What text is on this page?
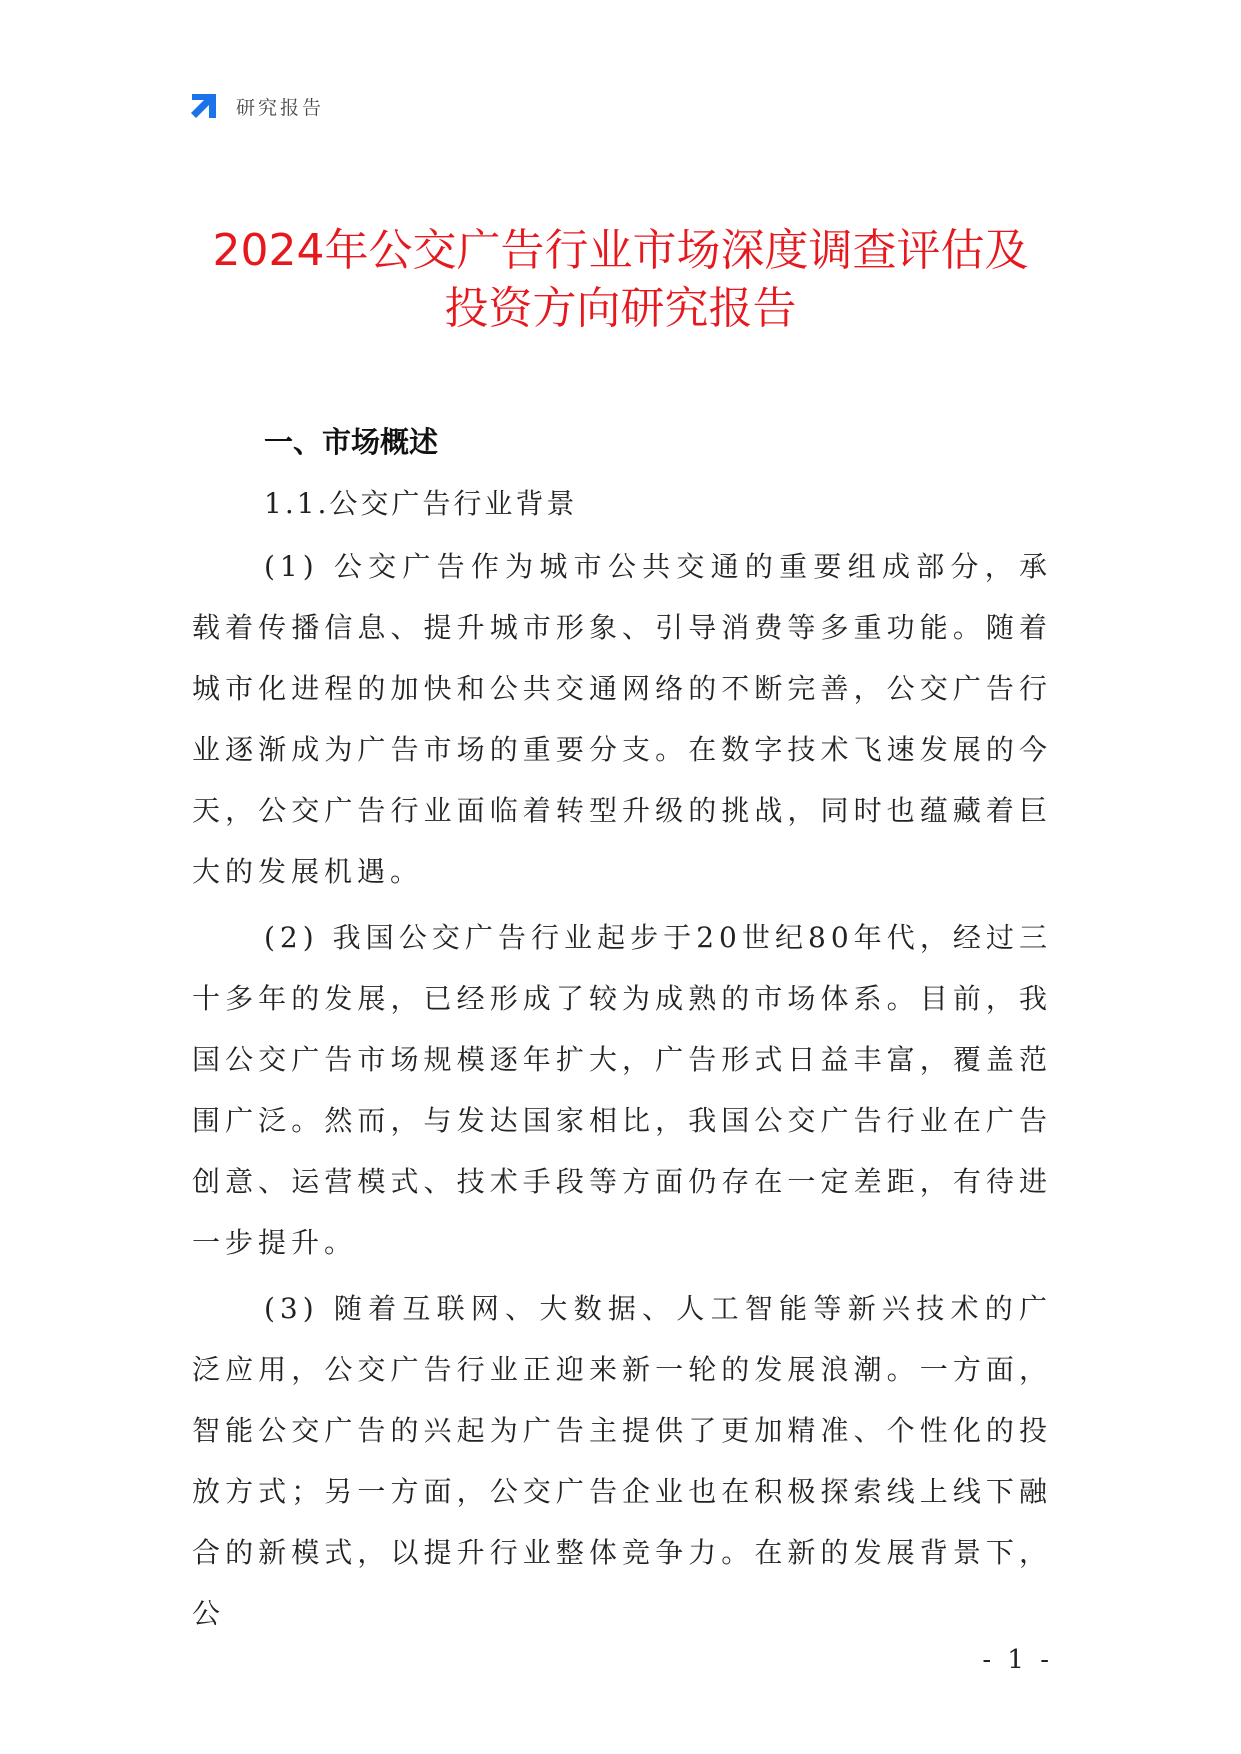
研究报告
2024年公交广告行业市场深度调查评估及
投资方向研究报告
一、市场概述
1.1.公交广告行业背景

(1) 公交广告作为城市公共交通的重要组成部分，承载着传播信息、提升城市形象、引导消费等多重功能。随着城市化进程的加快和公共交通网络的不断完善，公交广告行业逐渐成为广告市场的重要分支。在数字技术飞速发展的今天，公交广告行业面临着转型升级的挑战，同时也蕴藏着巨大的发展机遇。

(2) 我国公交广告行业起步于20世纪80年代，经过三十多年的发展，已经形成了较为成熟的市场体系。目前，我国公交广告市场规模逐年扩大，广告形式日益丰富，覆盖范围广泛。然而，与发达国家相比，我国公交广告行业在广告创意、运营模式、技术手段等方面仍存在一定差距，有待进一步提升。

(3) 随着互联网、大数据、人工智能等新兴技术的广泛应用，公交广告行业正迎来新一轮的发展浪潮。一方面，智能公交广告的兴起为广告主提供了更加精准、个性化的投放方式；另一方面，公交广告企业也在积极探索线上线下融合的新模式，以提升行业整体竞争力。在新的发展背景下，公

- 1 -
